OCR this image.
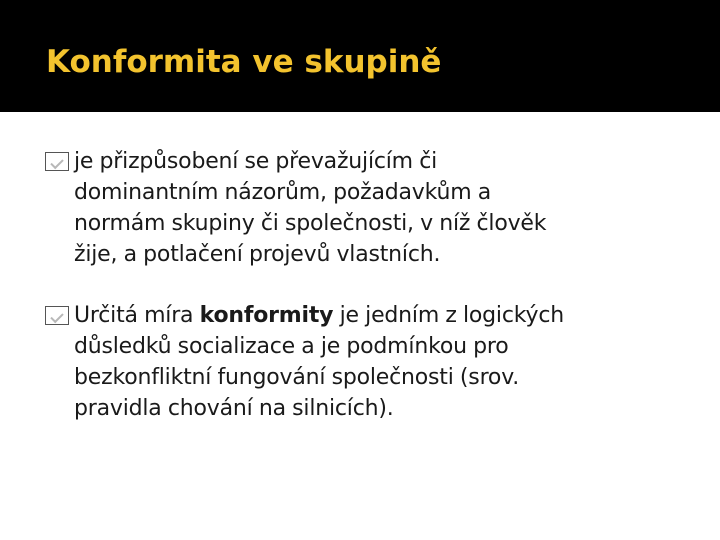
Konformita ve skupině
je přizpůsobení se převažujícím či
dominantním názorům, požadavkům a
normám skupiny či společnosti, v níž člověk
žije, a potlačení projevů vlastních.
Určitá míra konformity je jedním z logických
důsledků socializace a je podmínkou pro
bezkonfliktní fungování společnosti (srov.
pravidla chování na silnicích).
